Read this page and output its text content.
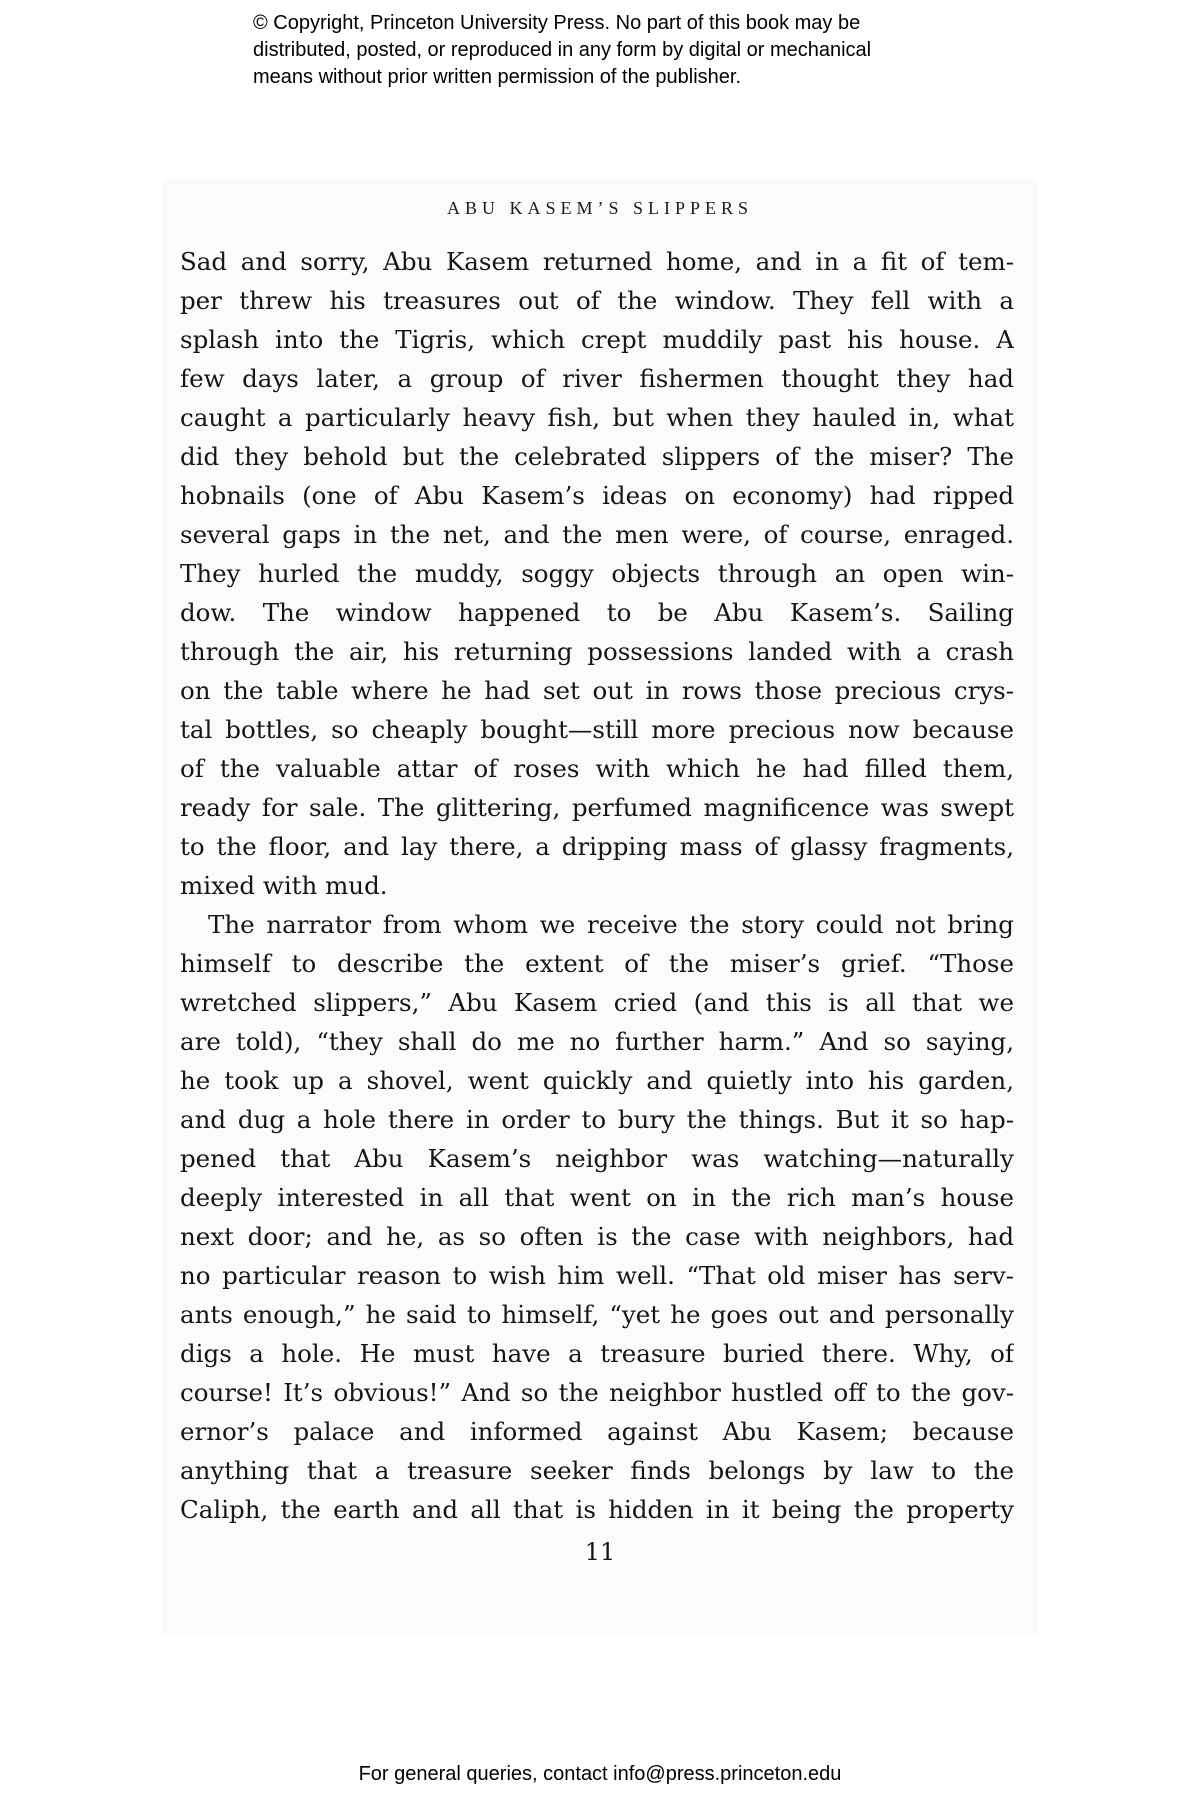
© Copyright, Princeton University Press. No part of this book may be
distributed, posted, or reproduced in any form by digital or mechanical
means without prior written permission of the publisher.
ABU KASEM’S SLIPPERS
Sad and sorry, Abu Kasem returned home, and in a fit of tem-
per threw his treasures out of the window. They fell with a
splash into the Tigris, which crept muddily past his house. A
few days later, a group of river fishermen thought they had
caught a particularly heavy fish, but when they hauled in, what
did they behold but the celebrated slippers of the miser? The
hobnails (one of Abu Kasem’s ideas on economy) had ripped
several gaps in the net, and the men were, of course, enraged.
They hurled the muddy, soggy objects through an open win-
dow. The window happened to be Abu Kasem’s. Sailing
through the air, his returning possessions landed with a crash
on the table where he had set out in rows those precious crys-
tal bottles, so cheaply bought—still more precious now because
of the valuable attar of roses with which he had filled them,
ready for sale. The glittering, perfumed magnificence was swept
to the floor, and lay there, a dripping mass of glassy fragments,
mixed with mud.
The narrator from whom we receive the story could not bring
himself to describe the extent of the miser’s grief. “Those
wretched slippers,” Abu Kasem cried (and this is all that we
are told), “they shall do me no further harm.” And so saying,
he took up a shovel, went quickly and quietly into his garden,
and dug a hole there in order to bury the things. But it so hap-
pened that Abu Kasem’s neighbor was watching—naturally
deeply interested in all that went on in the rich man’s house
next door; and he, as so often is the case with neighbors, had
no particular reason to wish him well. “That old miser has serv-
ants enough,” he said to himself, “yet he goes out and personally
digs a hole. He must have a treasure buried there. Why, of
course! It’s obvious!” And so the neighbor hustled off to the gov-
ernor’s palace and informed against Abu Kasem; because
anything that a treasure seeker finds belongs by law to the
Caliph, the earth and all that is hidden in it being the property
11
For general queries, contact info@press.princeton.edu
